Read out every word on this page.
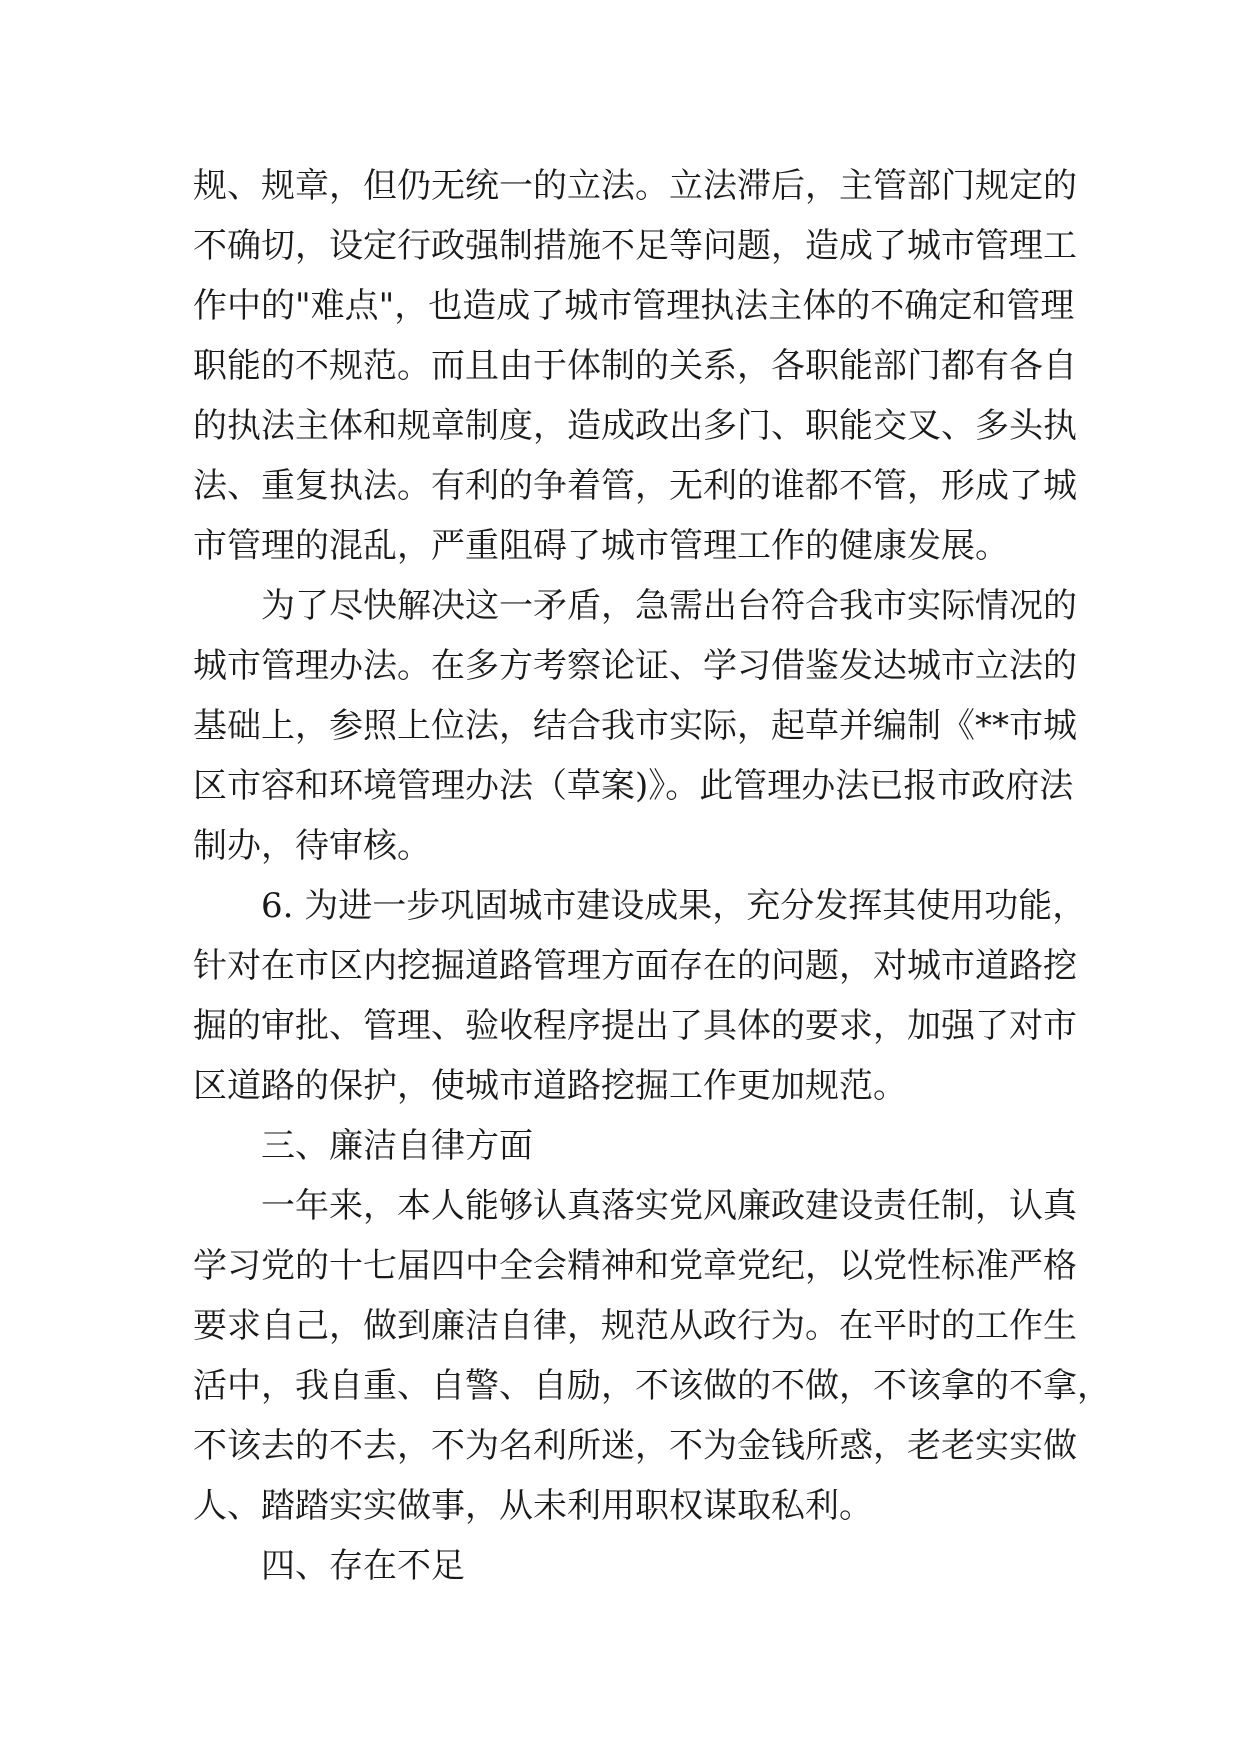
规、规章，但仍无统一的立法。立法滞后，主管部门规定的
不确切，设定行政强制措施不足等问题，造成了城市管理工
作中的"难点"，也造成了城市管理执法主体的不确定和管理
职能的不规范。而且由于体制的关系，各职能部门都有各自
的执法主体和规章制度，造成政出多门、职能交叉、多头执
法、重复执法。有利的争着管，无利的谁都不管，形成了城
市管理的混乱，严重阻碍了城市管理工作的健康发展。
为了尽快解决这一矛盾，急需出台符合我市实际情况的
城市管理办法。在多方考察论证、学习借鉴发达城市立法的
基础上，参照上位法，结合我市实际，起草并编制《**市城
区市容和环境管理办法（草案)》。此管理办法已报市政府法
制办，待审核。
6. 为进一步巩固城市建设成果，充分发挥其使用功能，
针对在市区内挖掘道路管理方面存在的问题，对城市道路挖
掘的审批、管理、验收程序提出了具体的要求，加强了对市
区道路的保护，使城市道路挖掘工作更加规范。
三、廉洁自律方面
一年来，本人能够认真落实党风廉政建设责任制，认真
学习党的十七届四中全会精神和党章党纪，以党性标准严格
要求自己，做到廉洁自律，规范从政行为。在平时的工作生
活中，我自重、自警、自励，不该做的不做，不该拿的不拿，
不该去的不去，不为名利所迷，不为金钱所惑，老老实实做
人、踏踏实实做事，从未利用职权谋取私利。
四、存在不足
